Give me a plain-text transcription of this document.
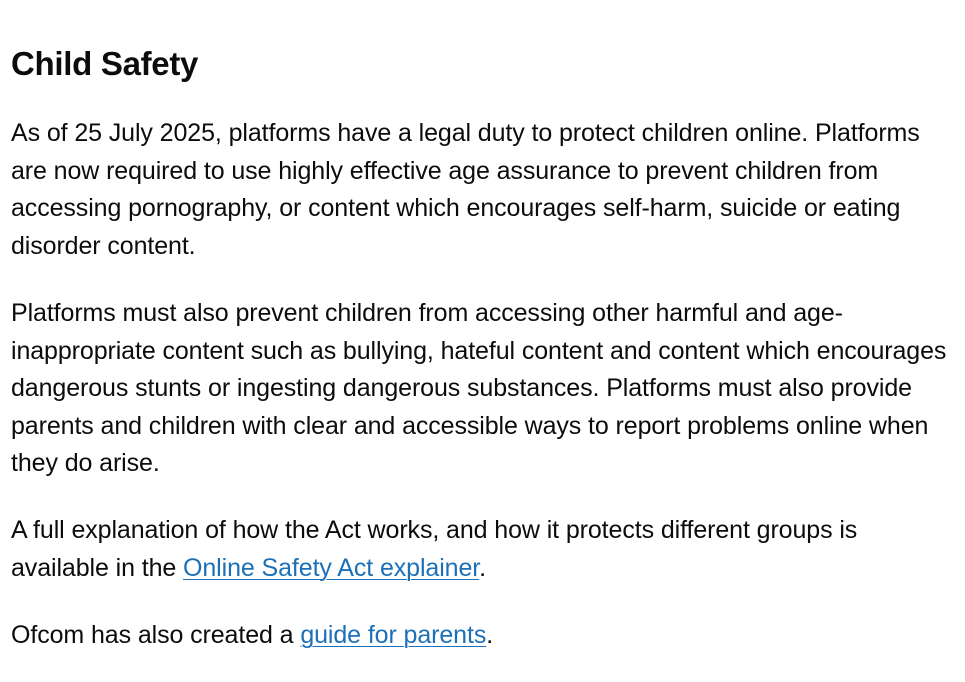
Child Safety

As of 25 July 2025, platforms have a legal duty to protect children online. Platforms are now required to use highly effective age assurance to prevent children from accessing pornography, or content which encourages self-harm, suicide or eating disorder content.

Platforms must also prevent children from accessing other harmful and age-inappropriate content such as bullying, hateful content and content which encourages dangerous stunts or ingesting dangerous substances. Platforms must also provide parents and children with clear and accessible ways to report problems online when they do arise.

A full explanation of how the Act works, and how it protects different groups is available in the Online Safety Act explainer.

Ofcom has also created a guide for parents.
